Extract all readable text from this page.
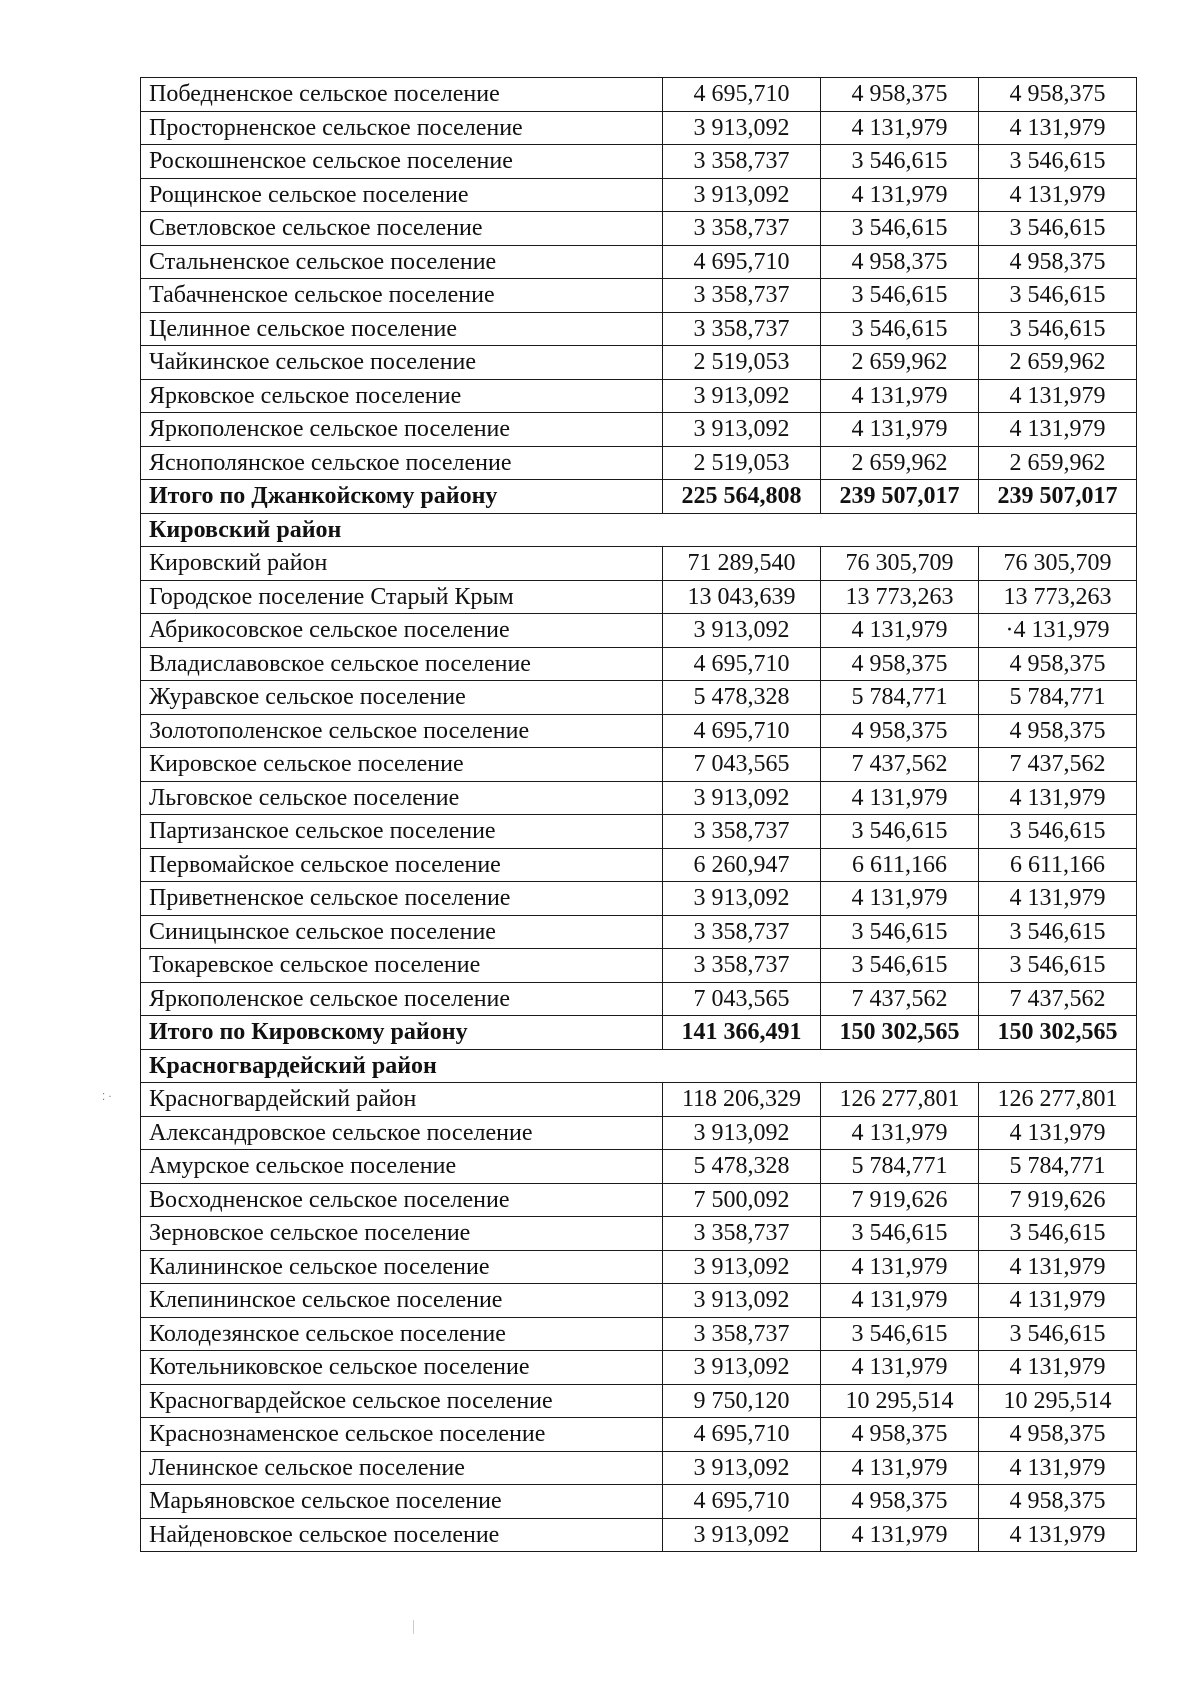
Победненское сельское поселение	4 695,710	4 958,375	4 958,375
Просторненское сельское поселение	3 913,092	4 131,979	4 131,979
Роскошненское сельское поселение	3 358,737	3 546,615	3 546,615
Рощинское сельское поселение	3 913,092	4 131,979	4 131,979
Светловское сельское поселение	3 358,737	3 546,615	3 546,615
Стальненское сельское поселение	4 695,710	4 958,375	4 958,375
Табачненское сельское поселение	3 358,737	3 546,615	3 546,615
Целинное сельское поселение	3 358,737	3 546,615	3 546,615
Чайкинское сельское поселение	2 519,053	2 659,962	2 659,962
Ярковское сельское поселение	3 913,092	4 131,979	4 131,979
Яркополенское сельское поселение	3 913,092	4 131,979	4 131,979
Яснополянское сельское поселение	2 519,053	2 659,962	2 659,962
Итого по Джанкойскому району	225 564,808	239 507,017	239 507,017
Кировский район			
Кировский район	71 289,540	76 305,709	76 305,709
Городское поселение Старый Крым	13 043,639	13 773,263	13 773,263
Абрикосовское сельское поселение	3 913,092	4 131,979	·4 131,979
Владиславовское сельское поселение	4 695,710	4 958,375	4 958,375
Журавское сельское поселение	5 478,328	5 784,771	5 784,771
Золотополенское сельское поселение	4 695,710	4 958,375	4 958,375
Кировское сельское поселение	7 043,565	7 437,562	7 437,562
Льговское сельское поселение	3 913,092	4 131,979	4 131,979
Партизанское сельское поселение	3 358,737	3 546,615	3 546,615
Первомайское сельское поселение	6 260,947	6 611,166	6 611,166
Приветненское сельское поселение	3 913,092	4 131,979	4 131,979
Синицынское сельское поселение	3 358,737	3 546,615	3 546,615
Токаревское сельское поселение	3 358,737	3 546,615	3 546,615
Яркополенское сельское поселение	7 043,565	7 437,562	7 437,562
Итого по Кировскому району	141 366,491	150 302,565	150 302,565
Красногвардейский район			
Красногвардейский район	118 206,329	126 277,801	126 277,801
Александровское сельское поселение	3 913,092	4 131,979	4 131,979
Амурское сельское поселение	5 478,328	5 784,771	5 784,771
Восходненское сельское поселение	7 500,092	7 919,626	7 919,626
Зерновское сельское поселение	3 358,737	3 546,615	3 546,615
Калининское сельское поселение	3 913,092	4 131,979	4 131,979
Клепининское сельское поселение	3 913,092	4 131,979	4 131,979
Колодезянское сельское поселение	3 358,737	3 546,615	3 546,615
Котельниковское сельское поселение	3 913,092	4 131,979	4 131,979
Красногвардейское сельское поселение	9 750,120	10 295,514	10 295,514
Краснознаменское сельское поселение	4 695,710	4 958,375	4 958,375
Ленинское сельское поселение	3 913,092	4 131,979	4 131,979
Марьяновское сельское поселение	4 695,710	4 958,375	4 958,375
Найденовское сельское поселение	3 913,092	4 131,979	4 131,979
⁚ ·
